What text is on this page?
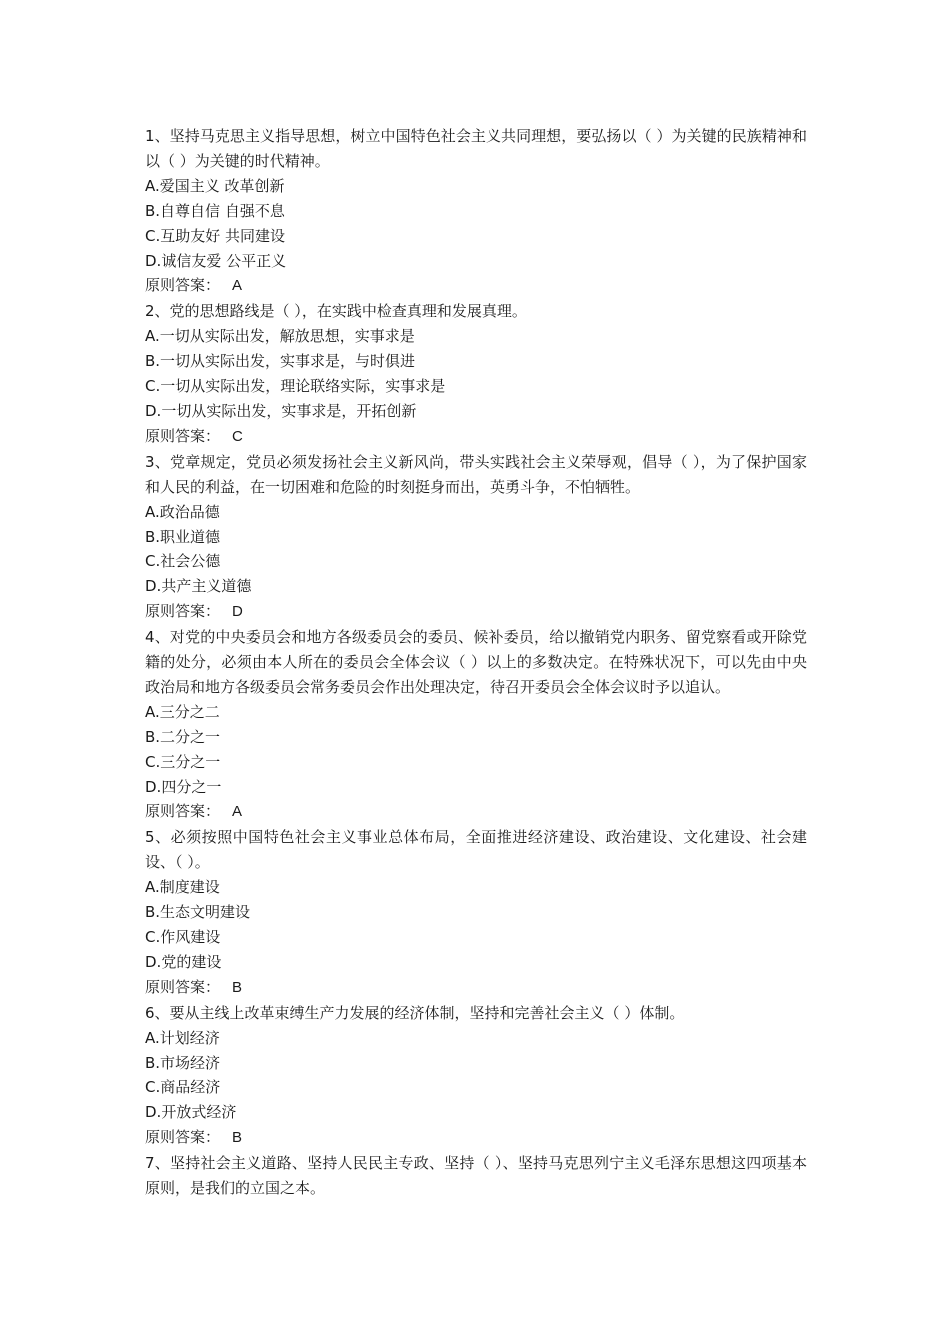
1、坚持马克思主义指导思想，树立中国特色社会主义共同理想，要弘扬以（ ）为关键的民族精神和以（ ）为关键的时代精神。
A.爱国主义 改革创新
B.自尊自信 自强不息
C.互助友好 共同建设
D.诚信友爱 公平正义
原则答案： A
2、党的思想路线是（ ），在实践中检查真理和发展真理。
A.一切从实际出发，解放思想，实事求是
B.一切从实际出发，实事求是，与时俱进
C.一切从实际出发，理论联络实际，实事求是
D.一切从实际出发，实事求是，开拓创新
原则答案： C
3、党章规定，党员必须发扬社会主义新风尚，带头实践社会主义荣辱观，倡导（ ），为了保护国家和人民的利益，在一切困难和危险的时刻挺身而出，英勇斗争，不怕牺牲。
A.政治品德
B.职业道德
C.社会公德
D.共产主义道德
原则答案： D
4、对党的中央委员会和地方各级委员会的委员、候补委员，给以撤销党内职务、留党察看或开除党籍的处分，必须由本人所在的委员会全体会议（ ）以上的多数决定。在特殊状况下，可以先由中央政治局和地方各级委员会常务委员会作出处理决定，待召开委员会全体会议时予以追认。
A.三分之二
B.二分之一
C.三分之一
D.四分之一
原则答案： A
5、必须按照中国特色社会主义事业总体布局，全面推进经济建设、政治建设、文化建设、社会建设、（ ）。
A.制度建设
B.生态文明建设
C.作风建设
D.党的建设
原则答案： B
6、要从主线上改革束缚生产力发展的经济体制，坚持和完善社会主义（ ）体制。
A.计划经济
B.市场经济
C.商品经济
D.开放式经济
原则答案： B
7、坚持社会主义道路、坚持人民民主专政、坚持（ ）、坚持马克思列宁主义毛泽东思想这四项基本原则，是我们的立国之本。
